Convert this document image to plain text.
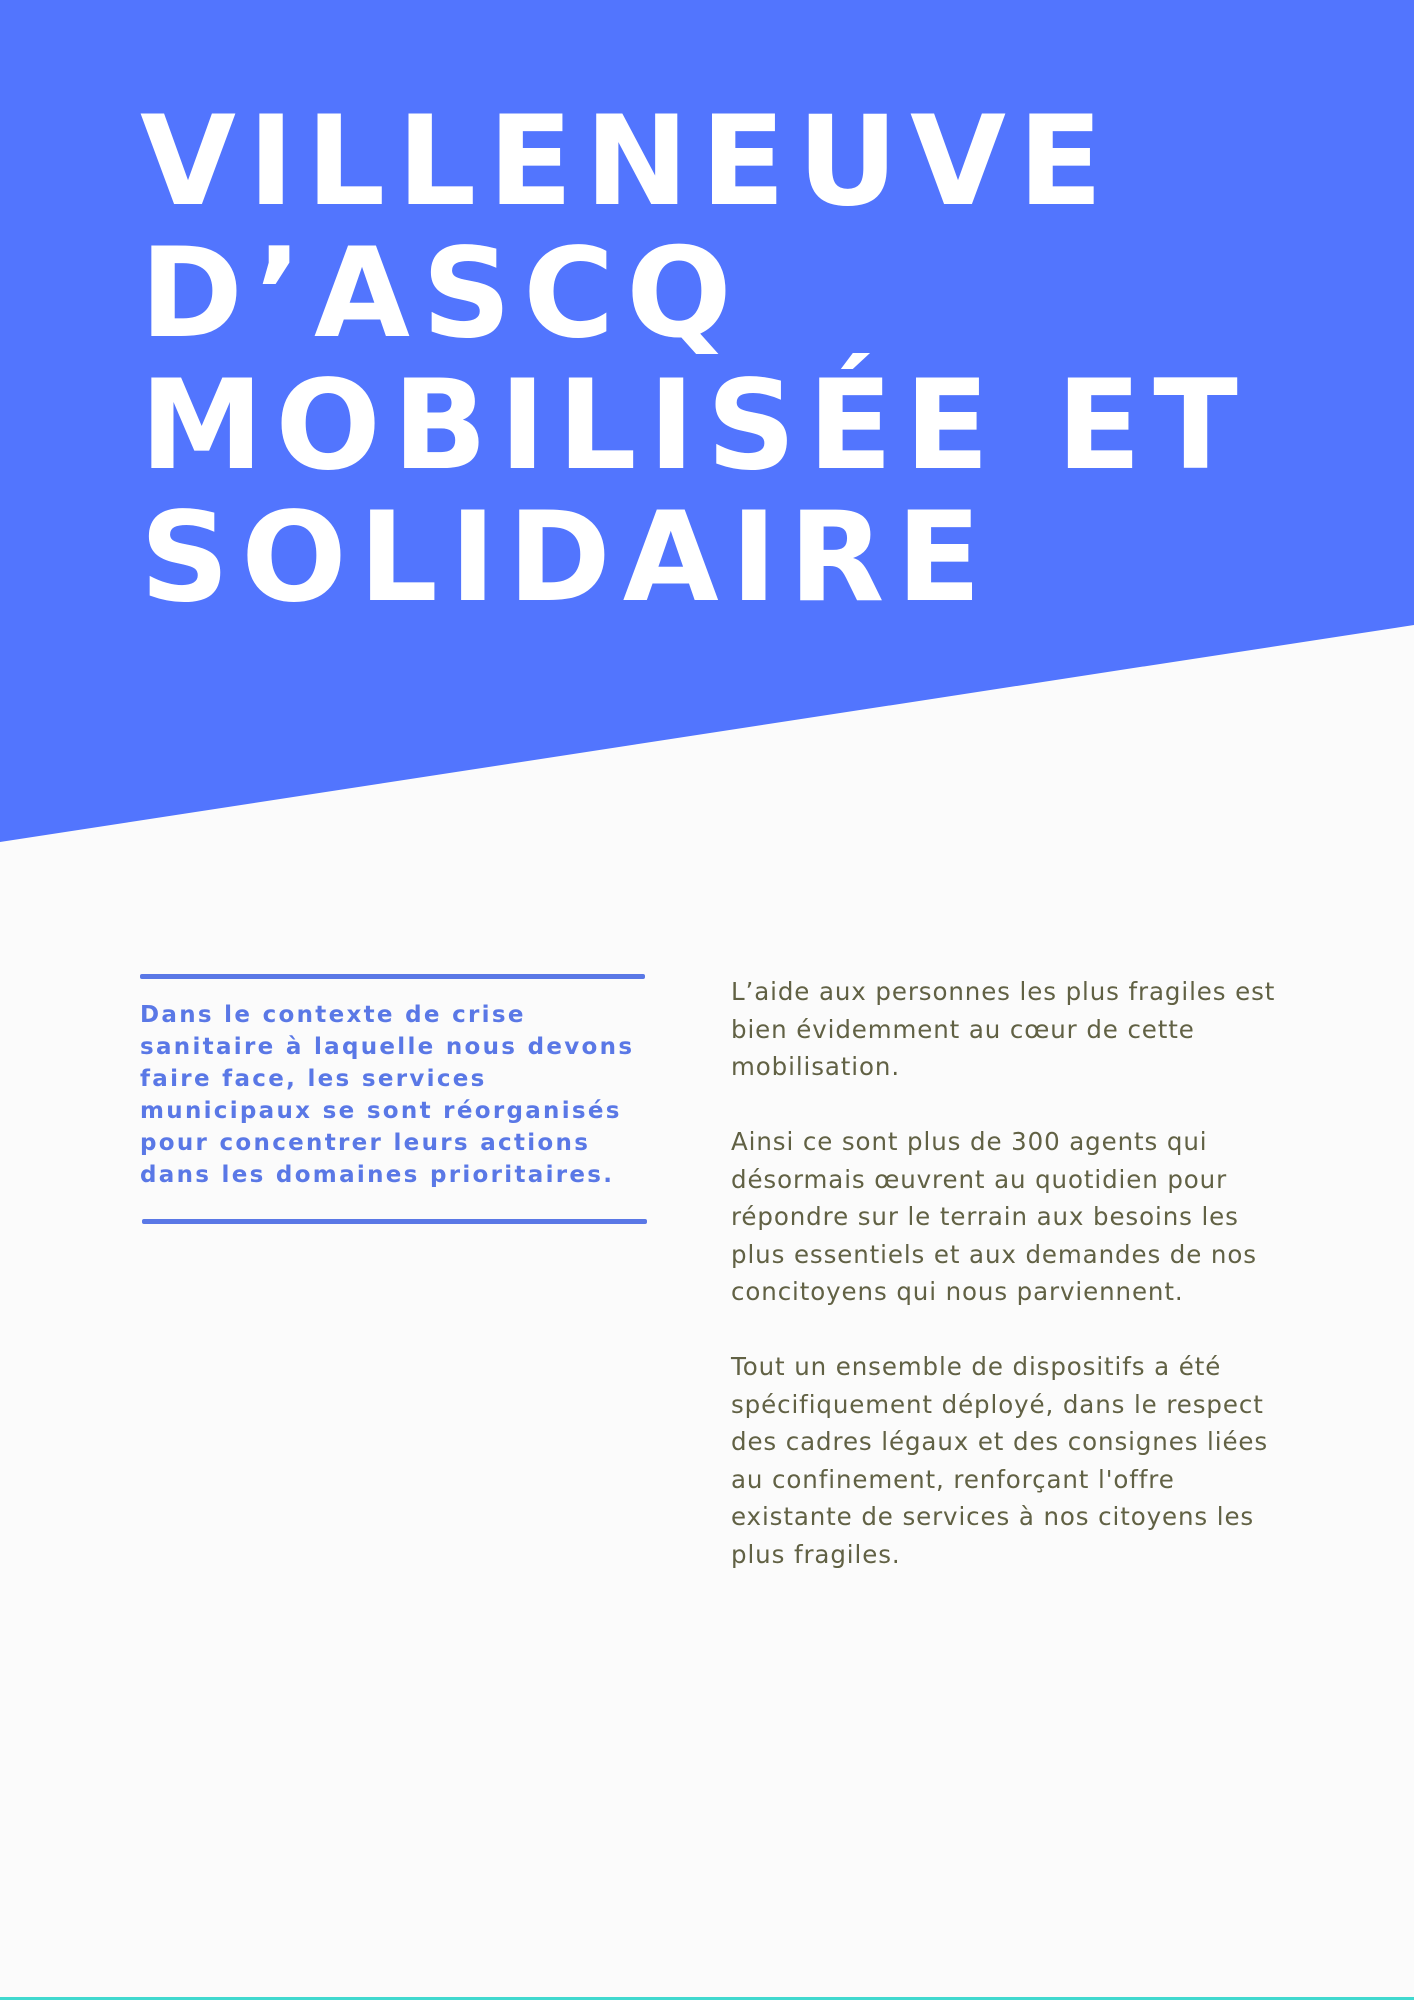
VILLENEUVE
D’ASCQ
MOBILISÉE ET
SOLIDAIRE

Dans le contexte de crise sanitaire à laquelle nous devons faire face, les services municipaux se sont réorganisés pour concentrer leurs actions dans les domaines prioritaires.

L’aide aux personnes les plus fragiles est bien évidemment au cœur de cette mobilisation.

Ainsi ce sont plus de 300 agents qui désormais œuvrent au quotidien pour répondre sur le terrain aux besoins les plus essentiels et aux demandes de nos concitoyens qui nous parviennent.

Tout un ensemble de dispositifs a été spécifiquement déployé, dans le respect des cadres légaux et des consignes liées au confinement, renforçant l'offre existante de services à nos citoyens les plus fragiles.
